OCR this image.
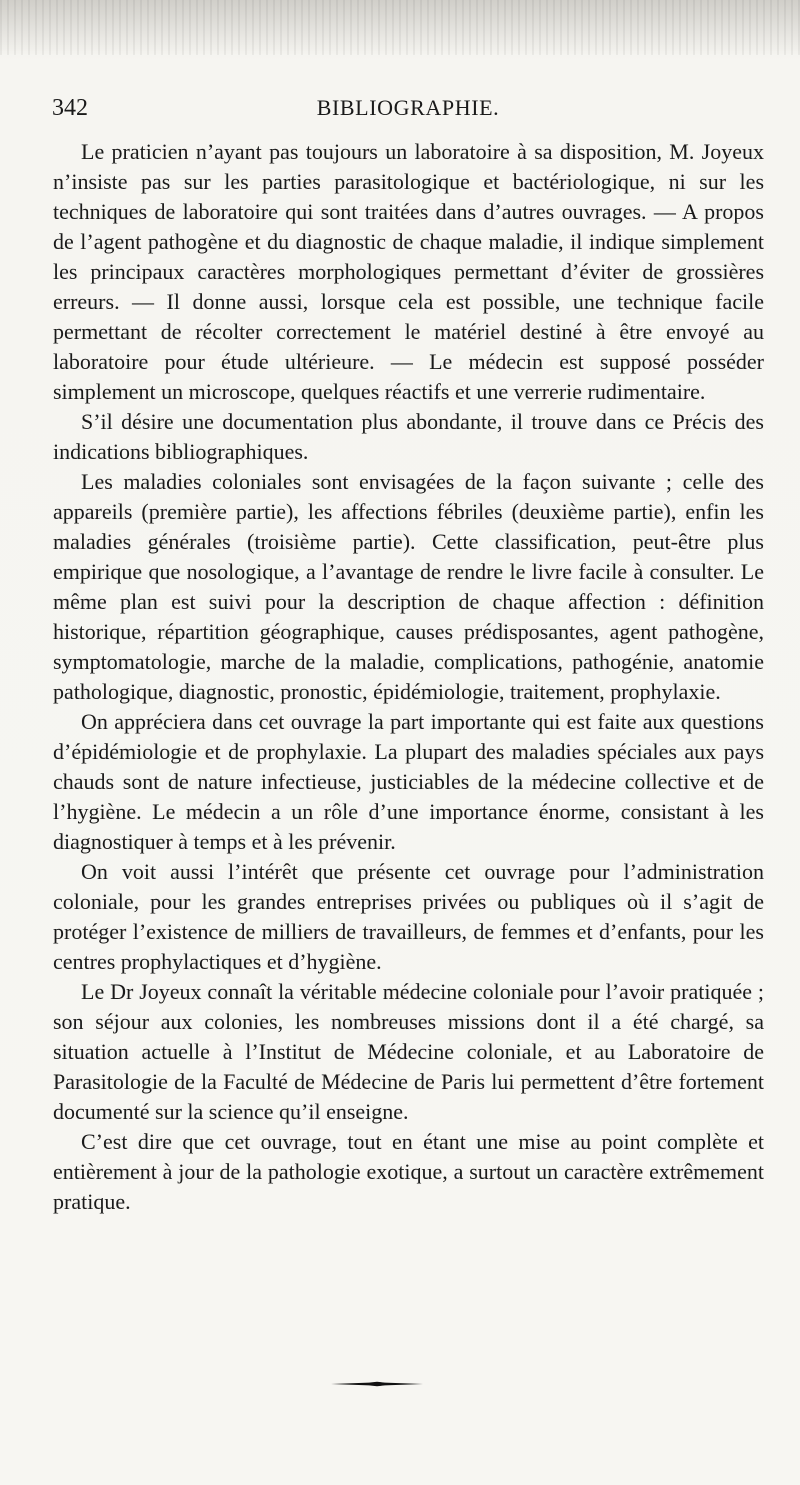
342	BIBLIOGRAPHIE.

Le praticien n’ayant pas toujours un laboratoire à sa disposition, M. Joyeux n’insiste pas sur les parties parasitologique et bactériologique, ni sur les techniques de laboratoire qui sont traitées dans d’autres ouvrages. — A propos de l’agent pathogène et du diagnostic de chaque maladie, il indique simplement les principaux caractères morphologiques permettant d’éviter de grossières erreurs. — Il donne aussi, lorsque cela est possible, une technique facile permettant de récolter correctement le matériel destiné à être envoyé au laboratoire pour étude ultérieure. — Le médecin est supposé posséder simplement un microscope, quelques réactifs et une verrerie rudimentaire.

S’il désire une documentation plus abondante, il trouve dans ce Précis des indications bibliographiques.

Les maladies coloniales sont envisagées de la façon suivante ; celle des appareils (première partie), les affections fébriles (deuxième partie), enfin les maladies générales (troisième partie). Cette classification, peut-être plus empirique que nosologique, a l’avantage de rendre le livre facile à consulter. Le même plan est suivi pour la description de chaque affection : définition historique, répartition géographique, causes prédisposantes, agent pathogène, symptomatologie, marche de la maladie, complications, pathogénie, anatomie pathologique, diagnostic, pronostic, épidémiologie, traitement, prophylaxie.

On appréciera dans cet ouvrage la part importante qui est faite aux questions d’épidémiologie et de prophylaxie. La plupart des maladies spéciales aux pays chauds sont de nature infectieuse, justiciables de la médecine collective et de l’hygiène. Le médecin a un rôle d’une importance énorme, consistant à les diagnostiquer à temps et à les prévenir.

On voit aussi l’intérêt que présente cet ouvrage pour l’administration coloniale, pour les grandes entreprises privées ou publiques où il s’agit de protéger l’existence de milliers de travailleurs, de femmes et d’enfants, pour les centres prophylactiques et d’hygiène.

Le Dr Joyeux connaît la véritable médecine coloniale pour l’avoir pratiquée ; son séjour aux colonies, les nombreuses missions dont il a été chargé, sa situation actuelle à l’Institut de Médecine coloniale, et au Laboratoire de Parasitologie de la Faculté de Médecine de Paris lui permettent d’être fortement documenté sur la science qu’il enseigne.

C’est dire que cet ouvrage, tout en étant une mise au point complète et entièrement à jour de la pathologie exotique, a surtout un caractère extrêmement pratique.
